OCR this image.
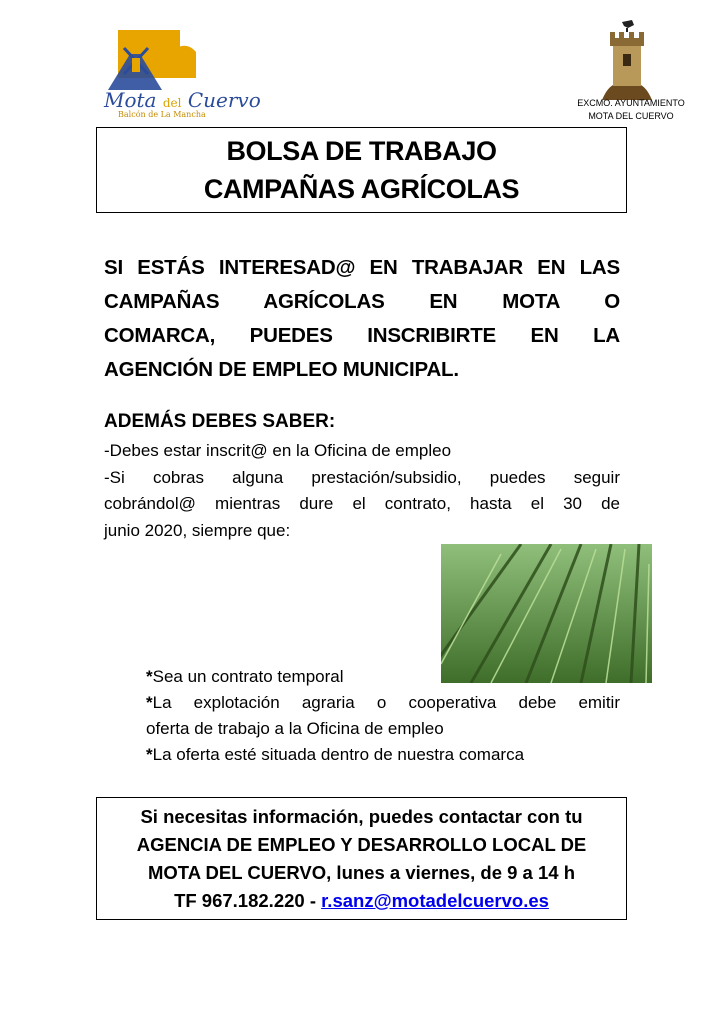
Mota del Cuervo
Balcón de La Mancha
EXCMO. AYUNTAMIENTO
MOTA DEL CUERVO
BOLSA DE TRABAJO
CAMPAÑAS AGRÍCOLAS
SI ESTÁS INTERESAD@ EN TRABAJAR EN LAS
CAMPAÑAS AGRÍCOLAS EN MOTA O
COMARCA, PUEDES INSCRIBIRTE EN LA
AGENCIÓN DE EMPLEO MUNICIPAL.
ADEMÁS DEBES SABER:
-Debes estar inscrit@ en la Oficina de empleo
-Si cobras alguna prestación/subsidio, puedes seguir
cobrándol@ mientras dure el contrato, hasta el 30 de
junio 2020, siempre que:
*Sea un contrato temporal
*La explotación agraria o cooperativa debe emitir
oferta de trabajo a la Oficina de empleo
*La oferta esté situada dentro de nuestra comarca
Si necesitas información, puedes contactar con tu
AGENCIA DE EMPLEO Y DESARROLLO LOCAL DE
MOTA DEL CUERVO, lunes a viernes, de 9 a 14 h
TF 967.182.220 - r.sanz@motadelcuervo.es
